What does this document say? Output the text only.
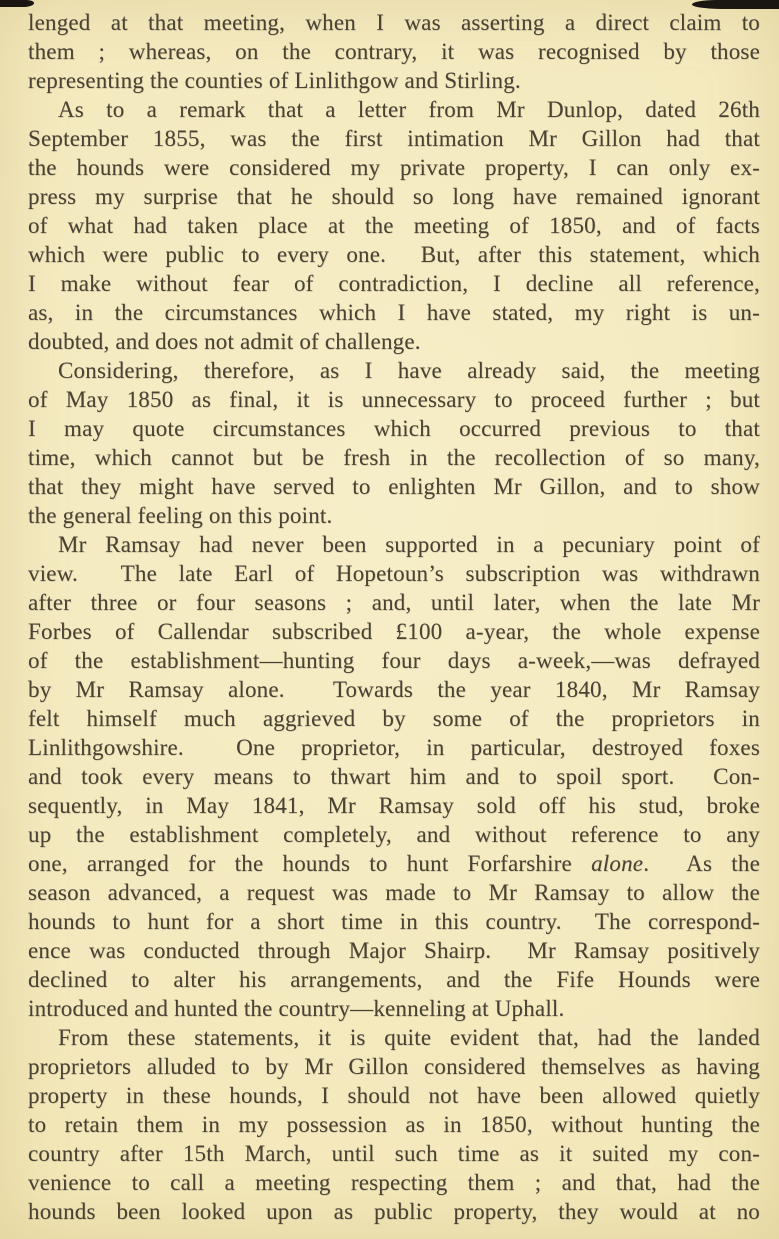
lenged at that meeting, when I was asserting a direct claim to
them ; whereas, on the contrary, it was recognised by those
representing the counties of Linlithgow and Stirling.
As to a remark that a letter from Mr Dunlop, dated 26th
September 1855, was the first intimation Mr Gillon had that
the hounds were considered my private property, I can only ex-
press my surprise that he should so long have remained ignorant
of what had taken place at the meeting of 1850, and of facts
which were public to every one.  But, after this statement, which
I make without fear of contradiction, I decline all reference,
as, in the circumstances which I have stated, my right is un-
doubted, and does not admit of challenge.
Considering, therefore, as I have already said, the meeting
of May 1850 as final, it is unnecessary to proceed further ; but
I may quote circumstances which occurred previous to that
time, which cannot but be fresh in the recollection of so many,
that they might have served to enlighten Mr Gillon, and to show
the general feeling on this point.
Mr Ramsay had never been supported in a pecuniary point of
view.  The late Earl of Hopetoun’s subscription was withdrawn
after three or four seasons ; and, until later, when the late Mr
Forbes of Callendar subscribed £100 a-year, the whole expense
of the establishment—hunting four days a-week,—was defrayed
by Mr Ramsay alone.  Towards the year 1840, Mr Ramsay
felt himself much aggrieved by some of the proprietors in
Linlithgowshire.  One proprietor, in particular, destroyed foxes
and took every means to thwart him and to spoil sport.  Con-
sequently, in May 1841, Mr Ramsay sold off his stud, broke
up the establishment completely, and without reference to any
one, arranged for the hounds to hunt Forfarshire alone.  As the
season advanced, a request was made to Mr Ramsay to allow the
hounds to hunt for a short time in this country.  The correspond-
ence was conducted through Major Shairp.  Mr Ramsay positively
declined to alter his arrangements, and the Fife Hounds were
introduced and hunted the country—kenneling at Uphall.
From these statements, it is quite evident that, had the landed
proprietors alluded to by Mr Gillon considered themselves as having
property in these hounds, I should not have been allowed quietly
to retain them in my possession as in 1850, without hunting the
country after 15th March, until such time as it suited my con-
venience to call a meeting respecting them ; and that, had the
hounds been looked upon as public property, they would at no
